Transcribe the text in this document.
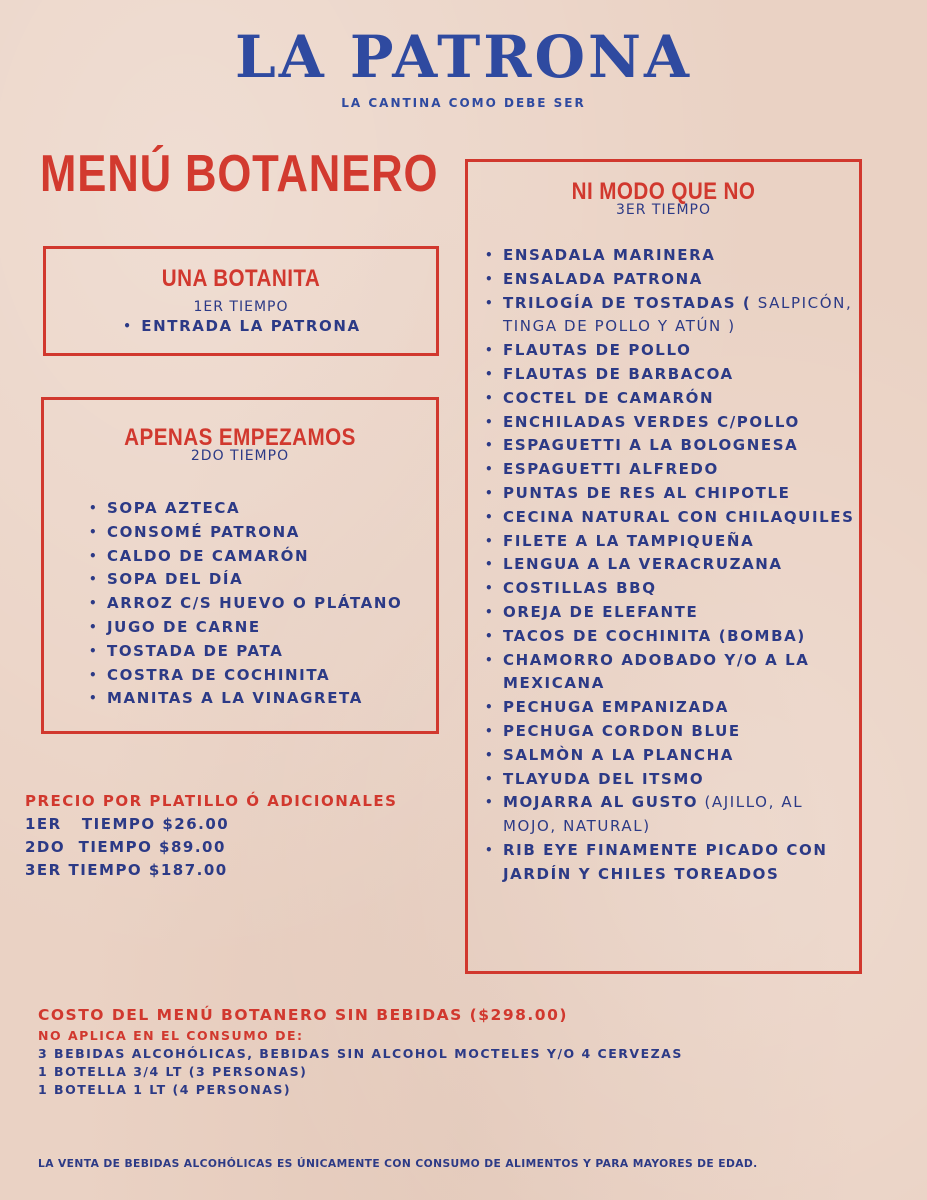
LA PATRONA
LA CANTINA COMO DEBE SER
MENÚ BOTANERO
UNA BOTANITA
1ER TIEMPO
• ENTRADA LA PATRONA
APENAS EMPEZAMOS
2DO TIEMPO
• SOPA AZTECA
• CONSOMÉ PATRONA
• CALDO DE CAMARÓN
• SOPA DEL DÍA
• ARROZ C/S HUEVO O PLÁTANO
• JUGO DE CARNE
• TOSTADA DE PATA
• COSTRA DE COCHINITA
• MANITAS A LA VINAGRETA
NI MODO QUE NO
3ER TIEMPO
• ENSADALA MARINERA
• ENSALADA PATRONA
• TRILOGÍA DE TOSTADAS ( SALPICÓN, TINGA DE POLLO Y ATÚN )
• FLAUTAS DE POLLO
• FLAUTAS DE BARBACOA
• COCTEL DE CAMARÓN
• ENCHILADAS VERDES C/POLLO
• ESPAGUETTI A LA BOLOGNESA
• ESPAGUETTI ALFREDO
• PUNTAS DE RES AL CHIPOTLE
• CECINA NATURAL CON CHILAQUILES
• FILETE A LA TAMPIQUEÑA
• LENGUA A LA VERACRUZANA
• COSTILLAS BBQ
• OREJA DE ELEFANTE
• TACOS DE COCHINITA (BOMBA)
• CHAMORRO ADOBADO Y/O A LA MEXICANA
• PECHUGA EMPANIZADA
• PECHUGA CORDON BLUE
• SALMÒN A LA PLANCHA
• TLAYUDA DEL ITSMO
• MOJARRA AL GUSTO (AJILLO, AL MOJO, NATURAL)
• RIB EYE FINAMENTE PICADO CON JARDÍN Y CHILES TOREADOS
PRECIO POR PLATILLO Ó ADICIONALES
1ER   TIEMPO $26.00
2DO  TIEMPO $89.00
3ER TIEMPO $187.00
COSTO DEL MENÚ BOTANERO SIN BEBIDAS ($298.00)
NO APLICA EN EL CONSUMO DE:
3 BEBIDAS ALCOHÓLICAS, BEBIDAS SIN ALCOHOL MOCTELES Y/O 4 CERVEZAS
1 BOTELLA 3/4 LT (3 PERSONAS)
1 BOTELLA 1 LT (4 PERSONAS)
LA VENTA DE BEBIDAS ALCOHÓLICAS ES ÚNICAMENTE CON CONSUMO DE ALIMENTOS Y PARA MAYORES DE EDAD.
